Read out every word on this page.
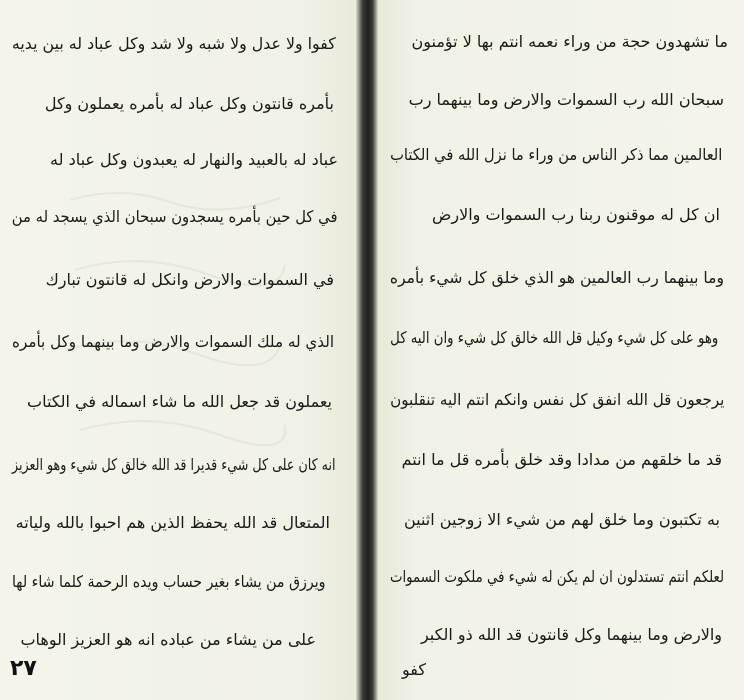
كفوا ولا عدل ولا شبه ولا شد وكل عباد له بين يديه
بأمره قانتون وكل عباد له بأمره يعملون وكل
عباد له بالعبيد والنهار له يعبدون وكل عباد له
في كل حين بأمره يسجدون سبحان الذي يسجد له من
في السموات والارض وانكل له قانتون تبارك
الذي له ملك السموات والارض وما بينهما وكل بأمره
يعملون قد جعل الله ما شاء اسماله في الكتاب
انه كان على كل شيء قديرا قد الله خالق كل شيء وهو العزيز
المتعال قد الله يحفظ الذين هم احبوا بالله ولياته
ويرزق من يشاء بغير حساب ويده الرحمة كلما شاء لها
على من يشاء من عباده انه هو العزيز الوهاب
٢٧
ما تشهدون حجة من وراء نعمه انتم بها لا تؤمنون
سبحان الله رب السموات والارض وما بينهما رب
العالمين مما ذكر الناس من وراء ما نزل الله في الكتاب
ان كل له موقنون ربنا رب السموات والارض
وما بينهما رب العالمين هو الذي خلق كل شيء بأمره
وهو على كل شيء وكيل قل الله خالق كل شيء وان اليه كل
يرجعون قل الله انفق كل نفس وانكم انتم اليه تنقلبون
قد ما خلقهم من مدادا وقد خلق بأمره قل ما انتم
به تكتبون وما خلق لهم من شيء الا زوجين اثنين
لعلكم انتم تستدلون ان لم يكن له شيء في ملكوت السموات
والارض وما بينهما وكل قانتون قد الله ذو الكبر
كفو
